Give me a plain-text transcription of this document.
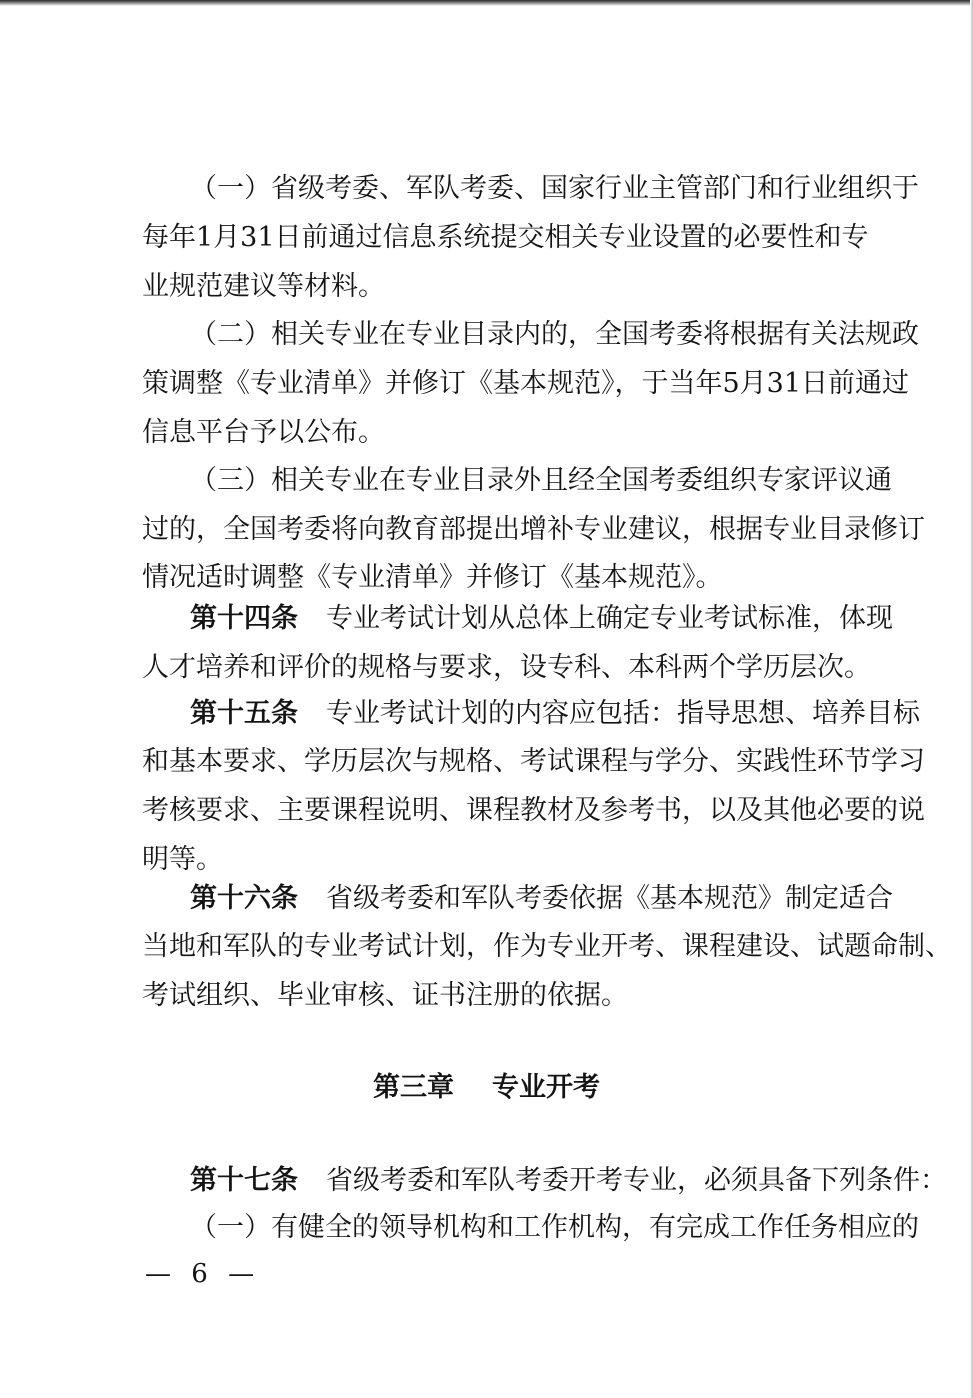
（一）省级考委、军队考委、国家行业主管部门和行业组织于
每年1月31日前通过信息系统提交相关专业设置的必要性和专
业规范建议等材料。
（二）相关专业在专业目录内的，全国考委将根据有关法规政
策调整《专业清单》并修订《基本规范》，于当年5月31日前通过
信息平台予以公布。
（三）相关专业在专业目录外且经全国考委组织专家评议通
过的，全国考委将向教育部提出增补专业建议，根据专业目录修订
情况适时调整《专业清单》并修订《基本规范》。
第十四条 专业考试计划从总体上确定专业考试标准，体现
人才培养和评价的规格与要求，设专科、本科两个学历层次。
第十五条 专业考试计划的内容应包括：指导思想、培养目标
和基本要求、学历层次与规格、考试课程与学分、实践性环节学习
考核要求、主要课程说明、课程教材及参考书，以及其他必要的说
明等。
第十六条 省级考委和军队考委依据《基本规范》制定适合
当地和军队的专业考试计划，作为专业开考、课程建设、试题命制、
考试组织、毕业审核、证书注册的依据。
第三章 专业开考
第十七条 省级考委和军队考委开考专业，必须具备下列条件：
（一）有健全的领导机构和工作机构，有完成工作任务相应的
— 6 —
